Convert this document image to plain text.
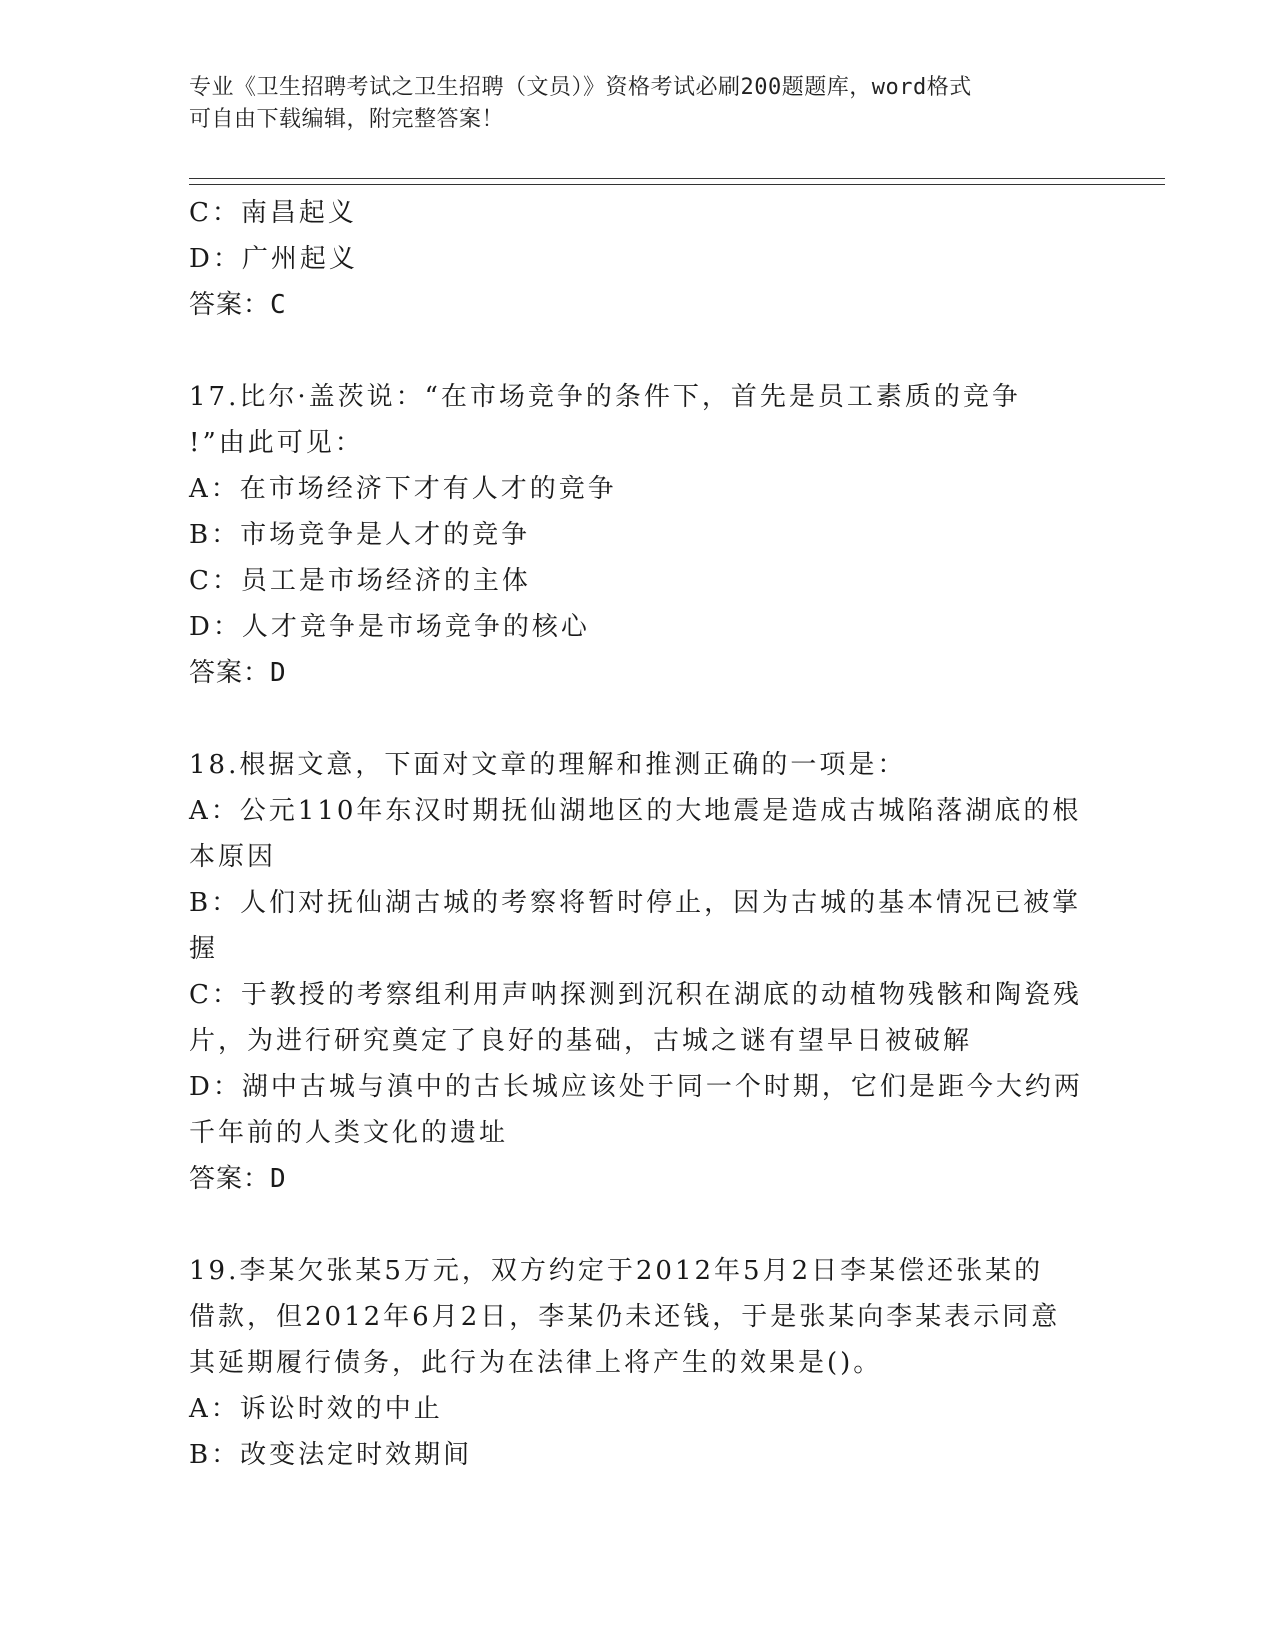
专业《卫生招聘考试之卫生招聘（文员）》资格考试必刷200题题库，word格式
可自由下载编辑，附完整答案！
C：南昌起义
D：广州起义
答案：C
17.比尔·盖茨说：“在市场竞争的条件下，首先是员工素质的竞争
!”由此可见：
A：在市场经济下才有人才的竞争
B：市场竞争是人才的竞争
C：员工是市场经济的主体
D：人才竞争是市场竞争的核心
答案：D
18.根据文意，下面对文章的理解和推测正确的一项是：
A：公元110年东汉时期抚仙湖地区的大地震是造成古城陷落湖底的根
本原因
B：人们对抚仙湖古城的考察将暂时停止，因为古城的基本情况已被掌
握
C：于教授的考察组利用声呐探测到沉积在湖底的动植物残骸和陶瓷残
片，为进行研究奠定了良好的基础，古城之谜有望早日被破解
D：湖中古城与滇中的古长城应该处于同一个时期，它们是距今大约两
千年前的人类文化的遗址
答案：D
19.李某欠张某5万元，双方约定于2012年5月2日李某偿还张某的
借款，但2012年6月2日，李某仍未还钱，于是张某向李某表示同意
其延期履行债务，此行为在法律上将产生的效果是()。
A：诉讼时效的中止
B：改变法定时效期间
